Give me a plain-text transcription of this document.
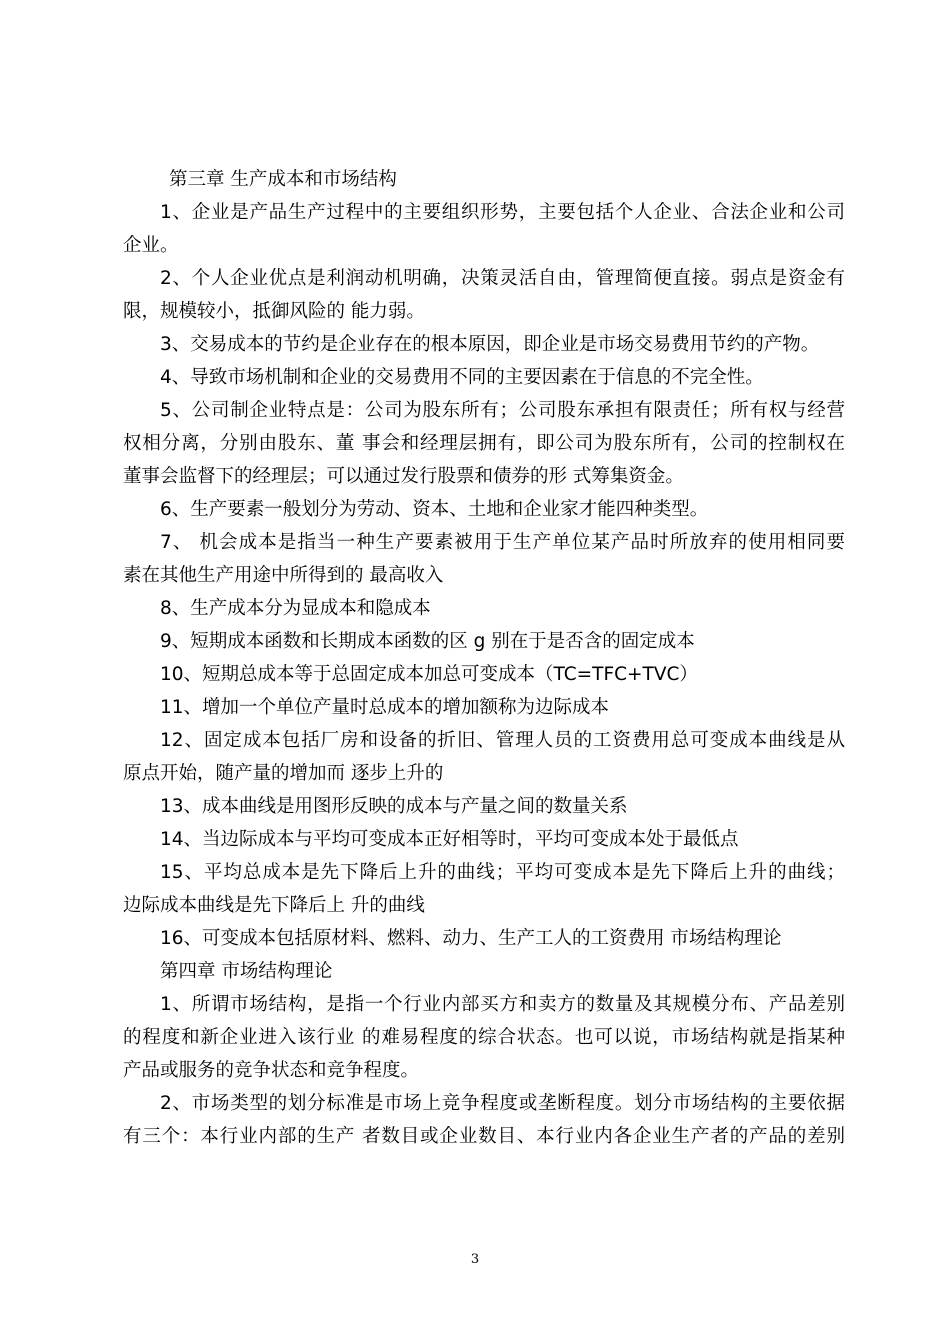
第三章 生产成本和市场结构
1、企业是产品生产过程中的主要组织形势，主要包括个人企业、合法企业和公司
企业。
2、个人企业优点是利润动机明确，决策灵活自由，管理简便直接。弱点是资金有
限，规模较小，抵御风险的 能力弱。
3、交易成本的节约是企业存在的根本原因，即企业是市场交易费用节约的产物。
4、导致市场机制和企业的交易费用不同的主要因素在于信息的不完全性。
5、公司制企业特点是：公司为股东所有；公司股东承担有限责任；所有权与经营
权相分离，分别由股东、董 事会和经理层拥有，即公司为股东所有，公司的控制权在
董事会监督下的经理层；可以通过发行股票和债券的形 式筹集资金。
6、生产要素一般划分为劳动、资本、土地和企业家才能四种类型。
7、 机会成本是指当一种生产要素被用于生产单位某产品时所放弃的使用相同要
素在其他生产用途中所得到的 最高收入
8、生产成本分为显成本和隐成本
9、短期成本函数和长期成本函数的区 g 别在于是否含的固定成本
10、短期总成本等于总固定成本加总可变成本（TC=TFC+TVC）
11、增加一个单位产量时总成本的增加额称为边际成本
12、固定成本包括厂房和设备的折旧、管理人员的工资费用总可变成本曲线是从
原点开始，随产量的增加而 逐步上升的
13、成本曲线是用图形反映的成本与产量之间的数量关系
14、当边际成本与平均可变成本正好相等时，平均可变成本处于最低点
15、平均总成本是先下降后上升的曲线；平均可变成本是先下降后上升的曲线；
边际成本曲线是先下降后上 升的曲线
16、可变成本包括原材料、燃料、动力、生产工人的工资费用 市场结构理论
第四章 市场结构理论
1、所谓市场结构，是指一个行业内部买方和卖方的数量及其规模分布、产品差别
的程度和新企业进入该行业 的难易程度的综合状态。也可以说，市场结构就是指某种
产品或服务的竞争状态和竞争程度。
2、市场类型的划分标准是市场上竞争程度或垄断程度。划分市场结构的主要依据
有三个：本行业内部的生产 者数目或企业数目、本行业内各企业生产者的产品的差别
3
